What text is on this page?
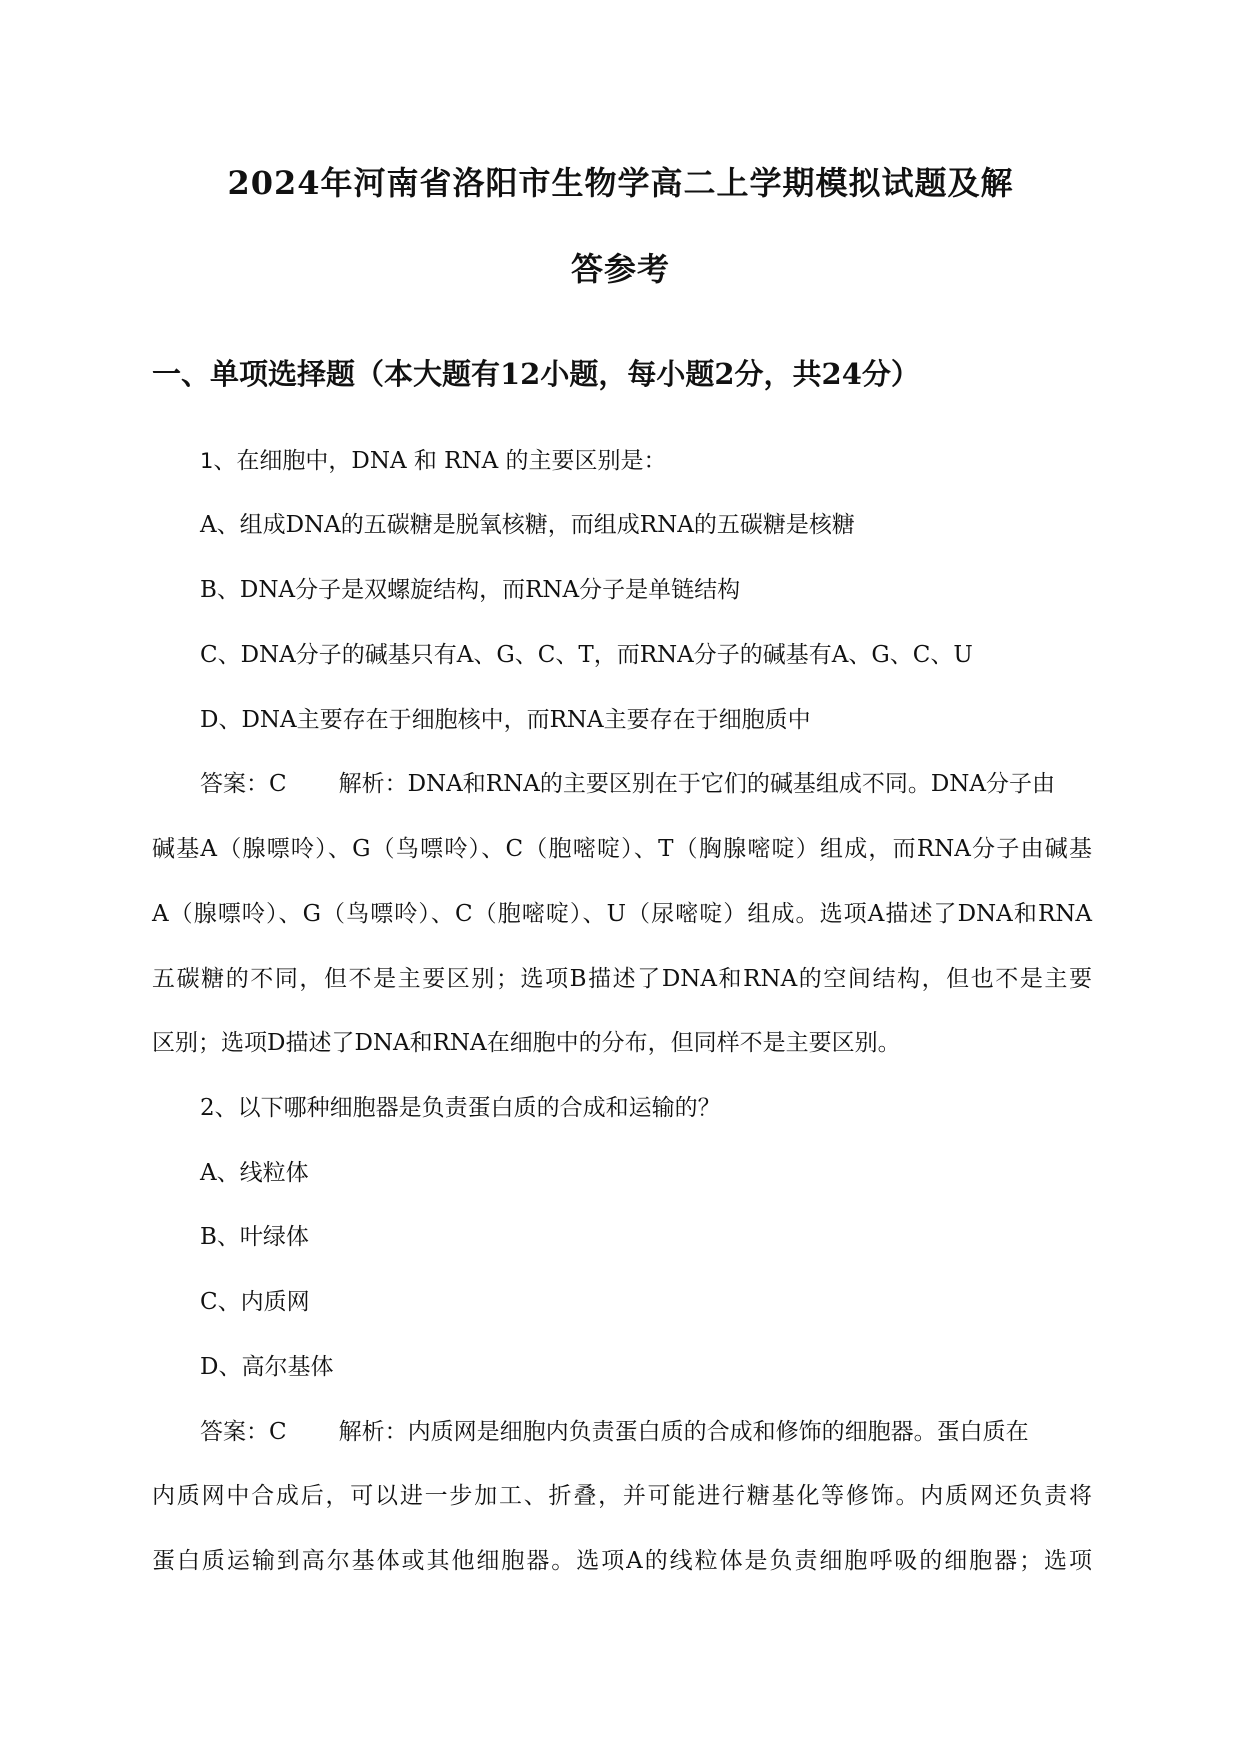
2024年河南省洛阳市生物学高二上学期模拟试题及解
答参考
一、单项选择题（本大题有12小题，每小题2分，共24分）
1、在细胞中，DNA 和 RNA 的主要区别是：
A、组成DNA的五碳糖是脱氧核糖，而组成RNA的五碳糖是核糖
B、DNA分子是双螺旋结构，而RNA分子是单链结构
C、DNA分子的碱基只有A、G、C、T，而RNA分子的碱基有A、G、C、U
D、DNA主要存在于细胞核中，而RNA主要存在于细胞质中
答案：C 解析：DNA和RNA的主要区别在于它们的碱基组成不同。DNA分子由
碱基A（腺嘌呤）、G（鸟嘌呤）、C（胞嘧啶）、T（胸腺嘧啶）组成，而RNA分子由碱基
A（腺嘌呤）、G（鸟嘌呤）、C（胞嘧啶）、U（尿嘧啶）组成。选项A描述了DNA和RNA
五碳糖的不同，但不是主要区别；选项B描述了DNA和RNA的空间结构，但也不是主要
区别；选项D描述了DNA和RNA在细胞中的分布，但同样不是主要区别。
2、以下哪种细胞器是负责蛋白质的合成和运输的？
A、线粒体
B、叶绿体
C、内质网
D、高尔基体
答案：C 解析：内质网是细胞内负责蛋白质的合成和修饰的细胞器。蛋白质在
内质网中合成后，可以进一步加工、折叠，并可能进行糖基化等修饰。内质网还负责将
蛋白质运输到高尔基体或其他细胞器。选项A的线粒体是负责细胞呼吸的细胞器；选项
